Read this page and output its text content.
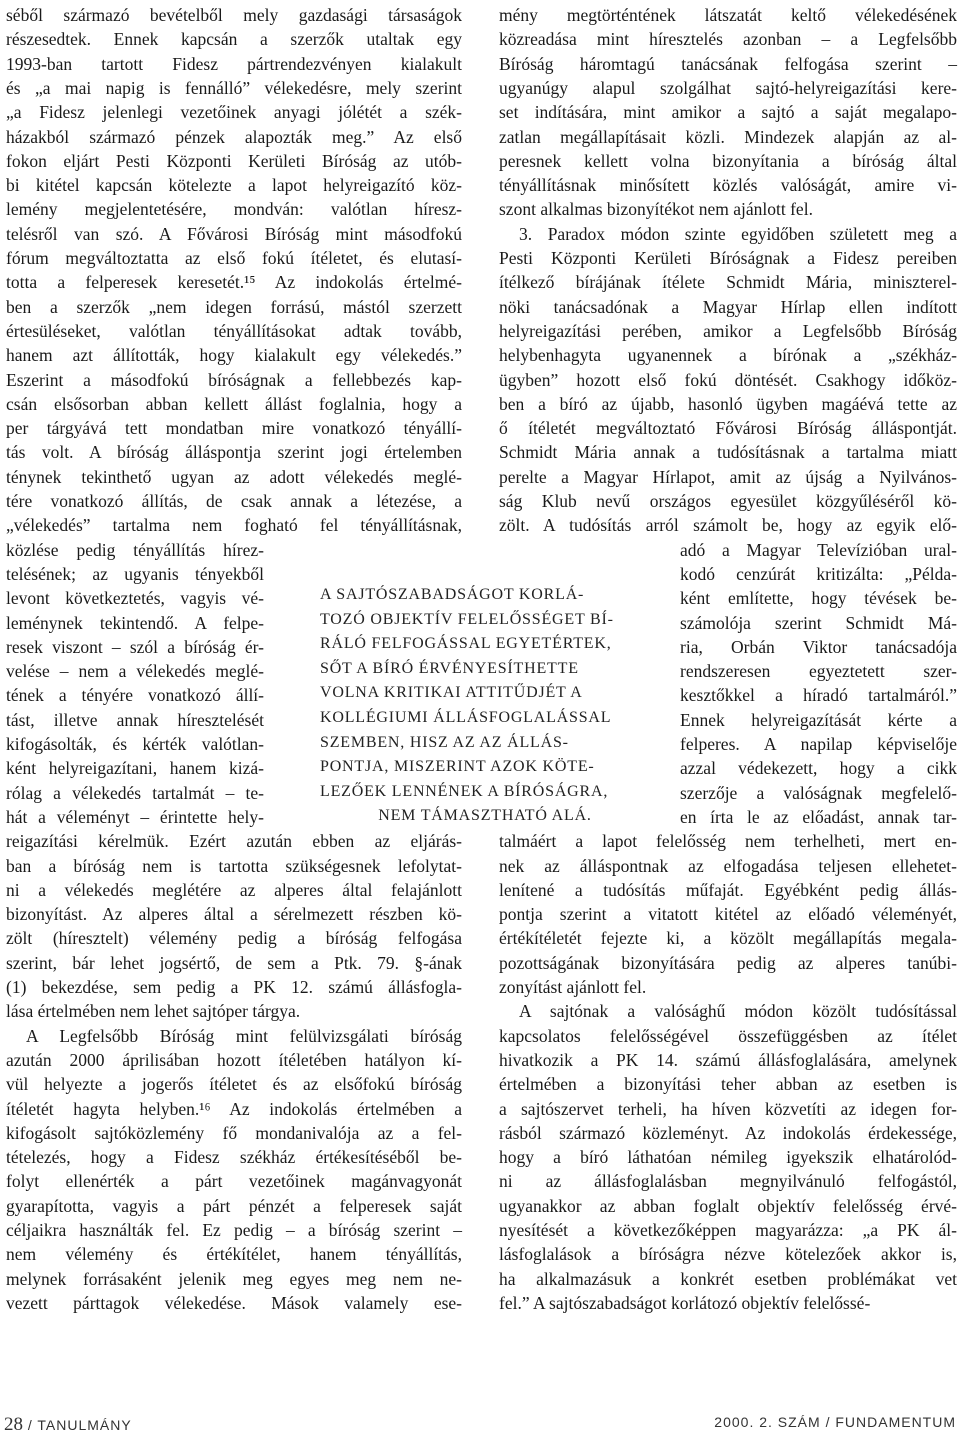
séből származó bevételből mely gazdasági társaságok
részesedtek. Ennek kapcsán a szerzők utaltak egy
1993-ban tartott Fidesz pártrendezvényen kialakult
és „a mai napig is fennálló” vélekedésre, mely szerint
„a Fidesz jelenlegi vezetőinek anyagi jólétét a szék-
házakból származó pénzek alapozták meg.” Az első
fokon eljárt Pesti Központi Kerületi Bíróság az utób-
bi kitétel kapcsán kötelezte a lapot helyreigazító köz-
lemény megjelentetésére, mondván: valótlan híresz-
telésről van szó. A Fővárosi Bíróság mint másodfokú
fórum megváltoztatta az első fokú ítéletet, és elutasí-
totta a felperesek keresetét.¹⁵ Az indokolás értelmé-
ben a szerzők „nem idegen forrású, mástól szerzett
értesüléseket, valótlan tényállításokat adtak tovább,
hanem azt állították, hogy kialakult egy vélekedés.”
Eszerint a másodfokú bíróságnak a fellebbezés kap-
csán elsősorban abban kellett állást foglalnia, hogy a
per tárgyává tett mondatban mire vonatkozó tényállí-
tás volt. A bíróság álláspontja szerint jogi értelemben
ténynek tekinthető ugyan az adott vélekedés meglé-
tére vonatkozó állítás, de csak annak a létezése, a
„vélekedés” tartalma nem fogható fel tényállításnak,
közlése pedig tényállítás hírez-
telésének; az ugyanis tényekből
levont következtetés, vagyis vé-
leménynek tekintendő. A felpe-
resek viszont – szól a bíróság ér-
velése – nem a vélekedés meglé-
tének a tényére vonatkozó állí-
tást, illetve annak híresztelését
kifogásolták, és kérték valótlan-
ként helyreigazítani, hanem kizá-
rólag a vélekedés tartalmát – te-
hát a véleményt – érintette hely-
reigazítási kérelmük. Ezért azután ebben az eljárás-
ban a bíróság nem is tartotta szükségesnek lefolytat-
ni a vélekedés meglétére az alperes által felajánlott
bizonyítást. Az alperes által a sérelmezett részben kö-
zölt (híresztelt) vélemény pedig a bíróság felfogása
szerint, bár lehet jogsértő, de sem a Ptk. 79. §-ának
(1) bekezdése, sem pedig a PK 12. számú állásfogla-
lása értelmében nem lehet sajtóper tárgya.
A Legfelsőbb Bíróság mint felülvizsgálati bíróság
azután 2000 áprilisában hozott ítéletében hatályon kí-
vül helyezte a jogerős ítéletet és az elsőfokú bíróság
ítéletét hagyta helyben.¹⁶ Az indokolás értelmében a
kifogásolt sajtóközlemény fő mondanivalója az a fel-
tételezés, hogy a Fidesz székház értékesítéséből be-
folyt ellenérték a párt vezetőinek magánvagyonát
gyarapította, vagyis a párt pénzét a felperesek saját
céljaikra használták fel. Ez pedig – a bíróság szerint –
nem vélemény és értékítélet, hanem tényállítás,
melynek forrásaként jelenik meg egyes meg nem ne-
vezett párttagok vélekedése. Mások valamely ese-
mény megtörténtének látszatát keltő vélekedésének
közreadása mint híresztelés azonban – a Legfelsőbb
Bíróság háromtagú tanácsának felfogása szerint –
ugyanúgy alapul szolgálhat sajtó-helyreigazítási kere-
set indítására, mint amikor a sajtó a saját megalapo-
zatlan megállapításait közli. Mindezek alapján az al-
peresnek kellett volna bizonyítania a bíróság által
tényállításnak minősített közlés valóságát, amire vi-
szont alkalmas bizonyítékot nem ajánlott fel.
3. Paradox módon szinte egyidőben született meg a
Pesti Központi Kerületi Bíróságnak a Fidesz pereiben
ítélkező bírájának ítélete Schmidt Mária, miniszterel-
nöki tanácsadónak a Magyar Hírlap ellen indított
helyreigazítási perében, amikor a Legfelsőbb Bíróság
helybenhagyta ugyanennek a bírónak a „székház-
ügyben” hozott első fokú döntését. Csakhogy időköz-
ben a bíró az újabb, hasonló ügyben magáévá tette az
ő ítéletét megváltoztató Fővárosi Bíróság álláspontját.
Schmidt Mária annak a tudósításnak a tartalma miatt
perelte a Magyar Hírlapot, amit az újság a Nyilvános-
ság Klub nevű országos egyesület közgyűléséről kö-
zölt. A tudósítás arról számolt be, hogy az egyik elő-
adó a Magyar Televízióban ural-
kodó cenzúrát kritizálta: „Példa-
ként említette, hogy tévések be-
számolója szerint Schmidt Má-
ria, Orbán Viktor tanácsadója
rendszeresen egyeztetett szer-
kesztőkkel a híradó tartalmáról.”
Ennek helyreigazítását kérte a
felperes. A napilap képviselője
azzal védekezett, hogy a cikk
szerzője a valóságnak megfelelő-
en írta le az előadást, annak tar-
talmáért a lapot felelősség nem terhelheti, mert en-
nek az álláspontnak az elfogadása teljesen ellehetet-
lenítené a tudósítás műfaját. Egyébként pedig állás-
pontja szerint a vitatott kitétel az előadó véleményét,
értékítéletét fejezte ki, a közölt megállapítás megala-
pozottságának bizonyítására pedig az alperes tanúbi-
zonyítást ajánlott fel.
A sajtónak a valósághű módon közölt tudósítással
kapcsolatos felelősségével összefüggésben az ítélet
hivatkozik a PK 14. számú állásfoglalására, amelynek
értelmében a bizonyítási teher abban az esetben is
a sajtószervet terheli, ha híven közvetíti az idegen for-
rásból származó közleményt. Az indokolás érdekessége,
hogy a bíró láthatóan némileg igyekszik elhatárolód-
ni az állásfoglalásban megnyilvánuló felfogástól,
ugyanakkor az abban foglalt objektív felelősség érvé-
nyesítését a következőképpen magyarázza: „a PK ál-
lásfoglalások a bíróságra nézve kötelezőek akkor is,
ha alkalmazásuk a konkrét esetben problémákat vet
fel.” A sajtószabadságot korlátozó objektív felelőssé-
A SAJTÓSZABADSÁGOT KORLÁ-
TOZÓ OBJEKTÍV FELELŐSSÉGET BÍ-
RÁLÓ FELFOGÁSSAL EGYETÉRTEK,
SŐT A BÍRÓ ÉRVÉNYESÍTHETTE
VOLNA KRITIKAI ATTITŰDJÉT A
KOLLÉGIUMI ÁLLÁSFOGLALÁSSAL
SZEMBEN, HISZ AZ AZ ÁLLÁS-
PONTJA, MISZERINT AZOK KÖTE-
LEZŐEK LENNÉNEK A BÍRÓSÁGRA,
NEM TÁMASZTHATÓ ALÁ.
28 / TANULMÁNY	2000. 2. SZÁM / FUNDAMENTUM
